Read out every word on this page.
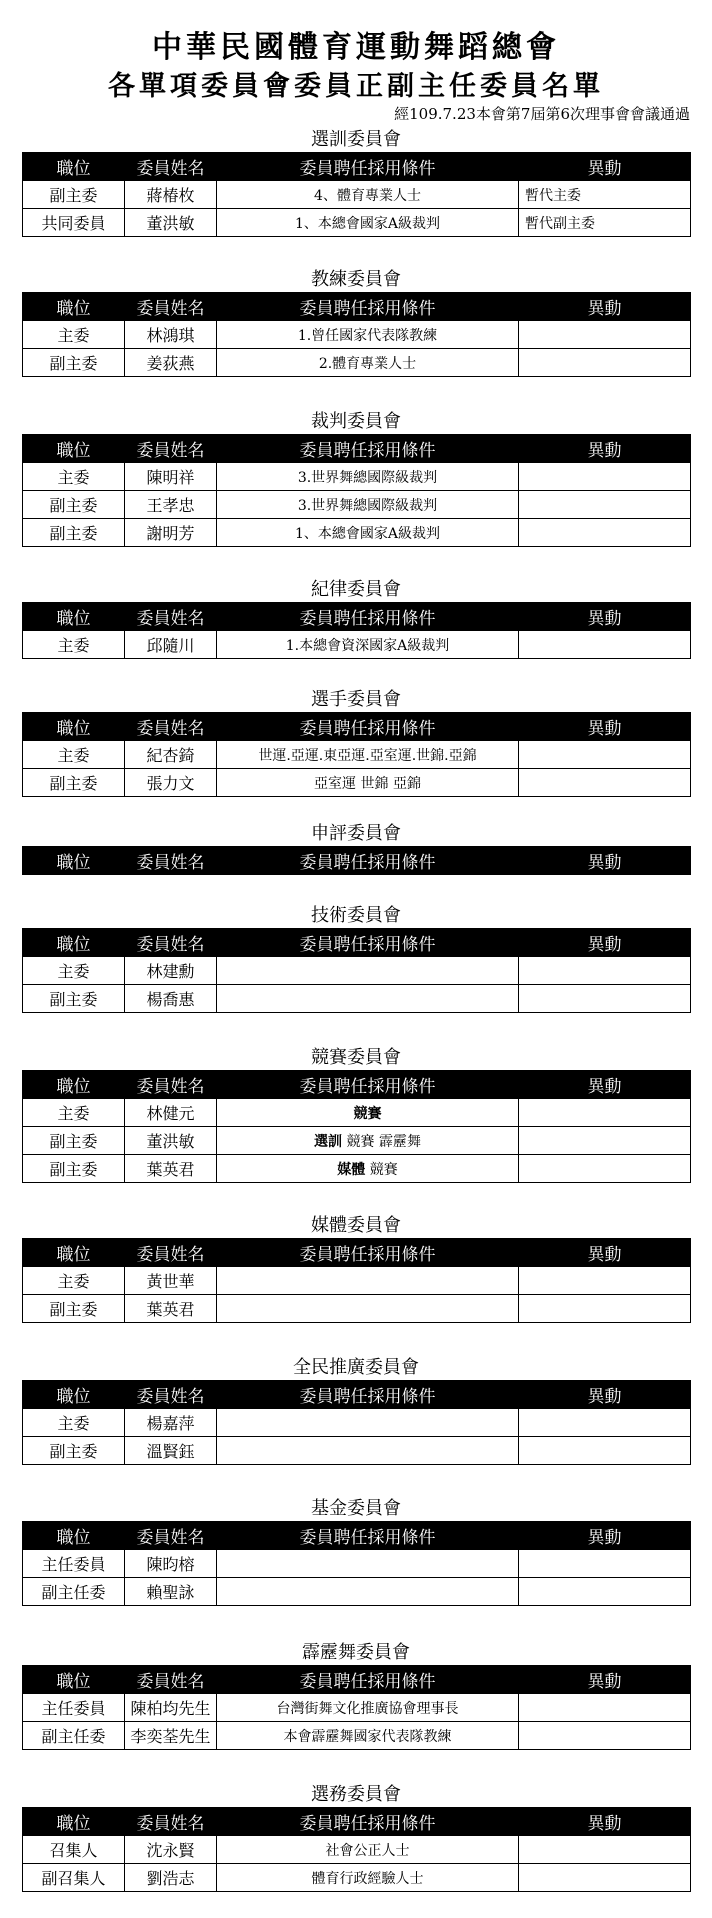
中華民國體育運動舞蹈總會
各單項委員會委員正副主任委員名單
經109.7.23本會第7屆第6次理事會會議通過
選訓委員會
職位	委員姓名	委員聘任採用條件	異動
副主委	蔣椿枚	4、體育專業人士	暫代主委
共同委員	董洪敏	1、本總會國家A級裁判	暫代副主委
教練委員會
職位	委員姓名	委員聘任採用條件	異動
主委	林鴻琪	1.曾任國家代表隊教練	
副主委	姜荻燕	2.體育專業人士	
裁判委員會
職位	委員姓名	委員聘任採用條件	異動
主委	陳明祥	3.世界舞總國際級裁判	
副主委	王孝忠	3.世界舞總國際級裁判	
副主委	謝明芳	1、本總會國家A級裁判	
紀律委員會
職位	委員姓名	委員聘任採用條件	異動
主委	邱隨川	1.本總會資深國家A級裁判	
選手委員會
職位	委員姓名	委員聘任採用條件	異動
主委	紀杏錡	世運.亞運.東亞運.亞室運.世錦.亞錦	
副主委	張力文	亞室運 世錦 亞錦	
申評委員會
職位	委員姓名	委員聘任採用條件	異動
技術委員會
職位	委員姓名	委員聘任採用條件	異動
主委	林建勳		
副主委	楊喬惠		
競賽委員會
職位	委員姓名	委員聘任採用條件	異動
主委	林健元	競賽	
副主委	董洪敏	選訓 競賽 霹靂舞	
副主委	葉英君	媒體 競賽	
媒體委員會
職位	委員姓名	委員聘任採用條件	異動
主委	黃世華		
副主委	葉英君		
全民推廣委員會
職位	委員姓名	委員聘任採用條件	異動
主委	楊嘉萍		
副主委	溫賢鈺		
基金委員會
職位	委員姓名	委員聘任採用條件	異動
主任委員	陳昀榕		
副主任委	賴聖詠		
霹靂舞委員會
職位	委員姓名	委員聘任採用條件	異動
主任委員	陳柏均先生	台灣街舞文化推廣協會理事長	
副主任委	李奕荃先生	本會霹靂舞國家代表隊教練	
選務委員會
職位	委員姓名	委員聘任採用條件	異動
召集人	沈永賢	社會公正人士	
副召集人	劉浩志	體育行政經驗人士	
